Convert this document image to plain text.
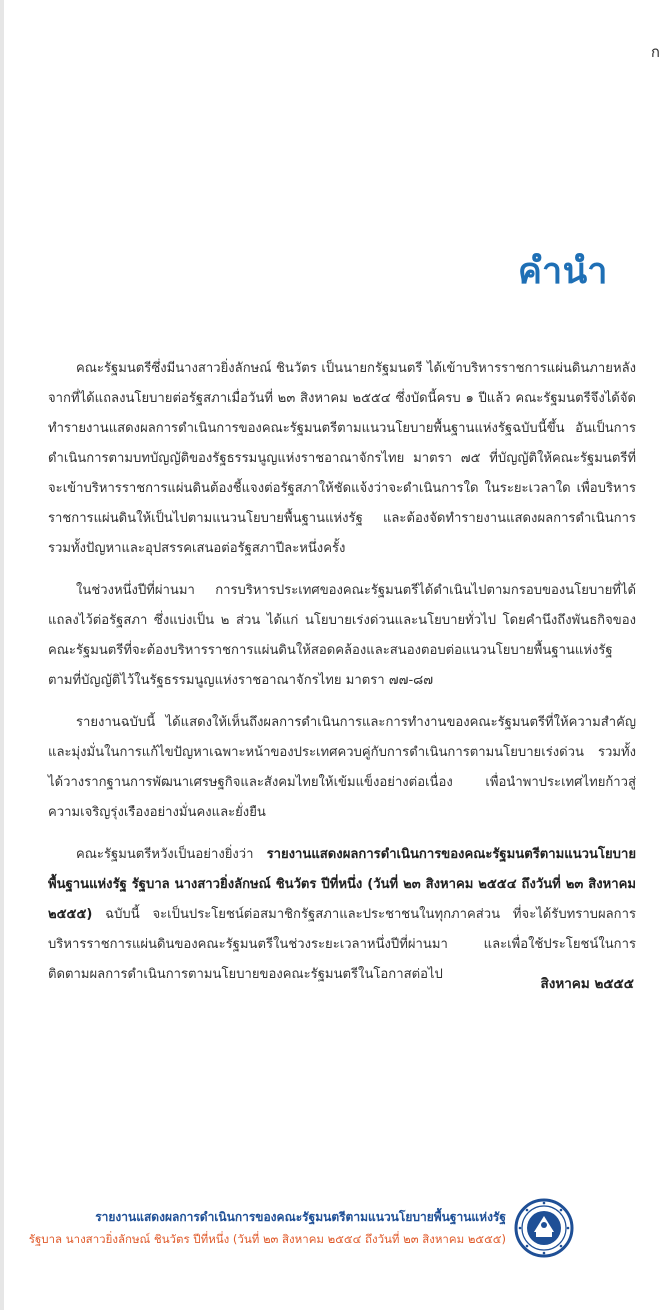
ก
คำนำ

คณะรัฐมนตรีซึ่งมีนางสาวยิ่งลักษณ์ ชินวัตร เป็นนายกรัฐมนตรี ได้เข้าบริหารราชการแผ่นดินภายหลังจากที่ได้แถลงนโยบายต่อรัฐสภาเมื่อวันที่ ๒๓ สิงหาคม ๒๕๕๔ ซึ่งบัดนี้ครบ ๑ ปีแล้ว คณะรัฐมนตรีจึงได้จัดทำรายงานแสดงผลการดำเนินการของคณะรัฐมนตรีตามแนวนโยบายพื้นฐานแห่งรัฐฉบับนี้ขึ้น อันเป็นการดำเนินการตามบทบัญญัติของรัฐธรรมนูญแห่งราชอาณาจักรไทย มาตรา ๗๕ ที่บัญญัติให้คณะรัฐมนตรีที่จะเข้าบริหารราชการแผ่นดินต้องชี้แจงต่อรัฐสภาให้ชัดแจ้งว่าจะดำเนินการใด ในระยะเวลาใด เพื่อบริหารราชการแผ่นดินให้เป็นไปตามแนวนโยบายพื้นฐานแห่งรัฐ และต้องจัดทำรายงานแสดงผลการดำเนินการรวมทั้งปัญหาและอุปสรรคเสนอต่อรัฐสภาปีละหนึ่งครั้ง

ในช่วงหนึ่งปีที่ผ่านมา การบริหารประเทศของคณะรัฐมนตรีได้ดำเนินไปตามกรอบของนโยบายที่ได้แถลงไว้ต่อรัฐสภา ซึ่งแบ่งเป็น ๒ ส่วน ได้แก่ นโยบายเร่งด่วนและนโยบายทั่วไป โดยคำนึงถึงพันธกิจของคณะรัฐมนตรีที่จะต้องบริหารราชการแผ่นดินให้สอดคล้องและสนองตอบต่อแนวนโยบายพื้นฐานแห่งรัฐตามที่บัญญัติไว้ในรัฐธรรมนูญแห่งราชอาณาจักรไทย มาตรา ๗๗-๘๗

รายงานฉบับนี้ ได้แสดงให้เห็นถึงผลการดำเนินการและการทำงานของคณะรัฐมนตรีที่ให้ความสำคัญและมุ่งมั่นในการแก้ไขปัญหาเฉพาะหน้าของประเทศควบคู่กับการดำเนินการตามนโยบายเร่งด่วน รวมทั้งได้วางรากฐานการพัฒนาเศรษฐกิจและสังคมไทยให้เข้มแข็งอย่างต่อเนื่อง เพื่อนำพาประเทศไทยก้าวสู่ความเจริญรุ่งเรืองอย่างมั่นคงและยั่งยืน

คณะรัฐมนตรีหวังเป็นอย่างยิ่งว่า รายงานแสดงผลการดำเนินการของคณะรัฐมนตรีตามแนวนโยบายพื้นฐานแห่งรัฐ รัฐบาล นางสาวยิ่งลักษณ์ ชินวัตร ปีที่หนึ่ง (วันที่ ๒๓ สิงหาคม ๒๕๕๔ ถึงวันที่ ๒๓ สิงหาคม ๒๕๕๕) ฉบับนี้ จะเป็นประโยชน์ต่อสมาชิกรัฐสภาและประชาชนในทุกภาคส่วน ที่จะได้รับทราบผลการบริหารราชการแผ่นดินของคณะรัฐมนตรีในช่วงระยะเวลาหนึ่งปีที่ผ่านมา และเพื่อใช้ประโยชน์ในการติดตามผลการดำเนินการตามนโยบายของคณะรัฐมนตรีในโอกาสต่อไป

สิงหาคม ๒๕๕๕
รายงานแสดงผลการดำเนินการของคณะรัฐมนตรีตามแนวนโยบายพื้นฐานแห่งรัฐ
รัฐบาล นางสาวยิ่งลักษณ์ ชินวัตร ปีที่หนึ่ง (วันที่ ๒๓ สิงหาคม ๒๕๕๔ ถึงวันที่ ๒๓ สิงหาคม ๒๕๕๕)
